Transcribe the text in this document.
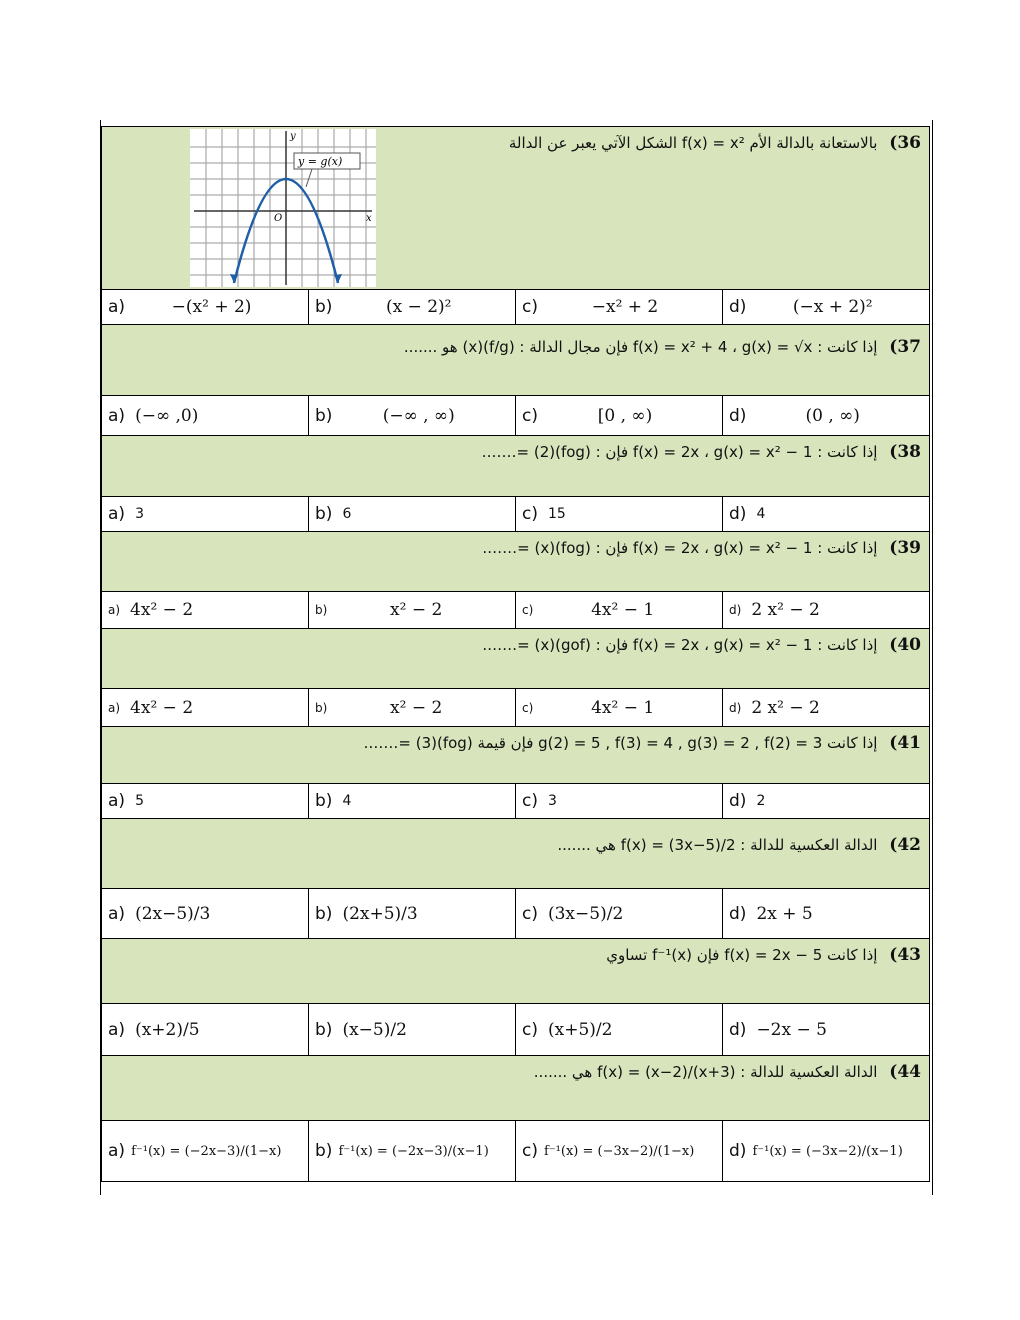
36)  بالاستعانة بالدالة الأم f(x) = x² الشكل الآتي يعبر عن الدالة
y = g(x)
y
x
O
a)	−(x² + 2)	b)	(x − 2)²	c)	−x² + 2	d)	(−x + 2)²
37)  إذا كانت : f(x) = x² + 4 ، g(x) = √x فإن مجال الدالة : (f/g)(x) هو .......
a) (−∞ ,0)	b)	(−∞ , ∞)	c)	[0 , ∞)	d)	(0 , ∞)
38)  إذا كانت : f(x) = 2x ، g(x) = x² − 1 فإن : (fog)(2) =…….
a) 3	b) 6	c) 15	d) 4
39)  إذا كانت : f(x) = 2x ، g(x) = x² − 1 فإن : (fog)(x) =…….
a) 4x² − 2	b)	x² − 2	c)	4x² − 1	d) 2 x² − 2
40)  إذا كانت : f(x) = 2x ، g(x) = x² − 1 فإن : (gof)(x) =…….
a) 4x² − 2	b)	x² − 2	c)	4x² − 1	d) 2 x² − 2
41)  إذا كانت g(2) = 5 , f(3) = 4 , g(3) = 2 , f(2) = 3 فإن قيمة (fog)(3) =…….
a) 5	b) 4	c) 3	d) 2
42)  الدالة العكسية للدالة : f(x) = (3x−5)/2 هي .......
a) (2x−5)/3	b) (2x+5)/3	c) (3x−5)/2	d) 2x + 5
43)  إذا كانت f(x) = 2x − 5 فإن f⁻¹(x) تساوي
a) (x+2)/5	b) (x−5)/2	c) (x+5)/2	d) −2x − 5
44)  الدالة العكسية للدالة : f(x) = (x−2)/(x+3) هي .......
a) f⁻¹(x) = (−2x−3)/(1−x) b) f⁻¹(x) = (−2x−3)/(x−1) c) f⁻¹(x) = (−3x−2)/(1−x) d) f⁻¹(x) = (−3x−2)/(x−1)
